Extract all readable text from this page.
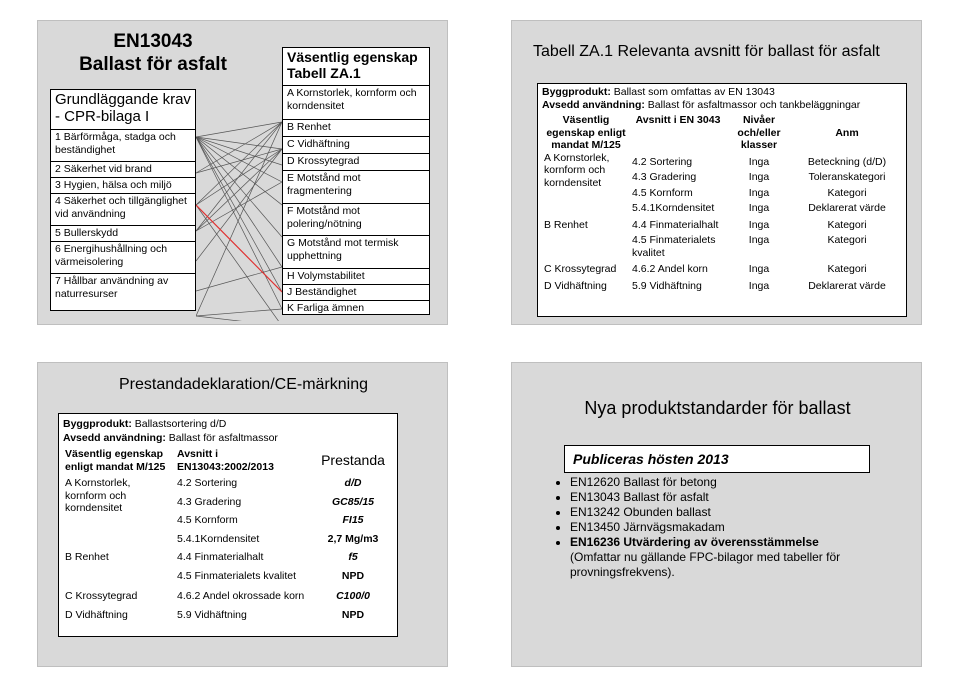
EN13043
Ballast för asfalt
Grundläggande krav - CPR-bilaga I
1 Bärförmåga, stadga och beständighet
2 Säkerhet vid brand
3 Hygien, hälsa och miljö
4 Säkerhet och tillgänglighet vid användning
5 Bullerskydd
6 Energihushållning och värmeisolering
7 Hållbar användning av naturresurser
Väsentlig egenskap Tabell ZA.1
A Kornstorlek, kornform och korndensitet
B Renhet
C Vidhäftning
D Krossytegrad
E Motstånd mot fragmentering
F Motstånd mot polering/nötning
G Motstånd mot termisk upphettning
H Volymstabilitet
J Beständighet
K Farliga ämnen
Tabell ZA.1 Relevanta avsnitt för ballast för asfalt
Byggprodukt: Ballast som omfattas av EN 13043
Avsedd användning: Ballast för asfaltmassor och tankbeläggningar
Väsentlig egenskap enligt mandat M/125	Avsnitt i EN 3043	Nivåer och/eller klasser	Anm
A Kornstorlek, kornform och korndensitet	4.2 Sortering	Inga	Beteckning (d/D)
	4.3 Gradering	Inga	Toleranskategori
	4.5 Kornform	Inga	Kategori
	5.4.1Korndensitet	Inga	Deklarerat värde
B Renhet	4.4 Finmaterialhalt	Inga	Kategori
	4.5 Finmaterialets kvalitet	Inga	Kategori
C Krossytegrad	4.6.2 Andel korn	Inga	Kategori
D Vidhäftning	5.9 Vidhäftning	Inga	Deklarerat värde
Prestandadeklaration/CE-märkning
Byggprodukt: Ballastsortering d/D
Avsedd användning: Ballast för asfaltmassor
Väsentlig egenskap enligt mandat M/125	Avsnitt i EN13043:2002/2013	Prestanda
A Kornstorlek, kornform och korndensitet	4.2 Sortering	d/D
	4.3 Gradering	GC85/15
	4.5 Kornform	FI15
	5.4.1Korndensitet	2,7 Mg/m3
B Renhet	4.4 Finmaterialhalt	f5
	4.5 Finmaterialets kvalitet	NPD
C Krossytegrad	4.6.2 Andel okrossade korn	C100/0
D Vidhäftning	5.9 Vidhäftning	NPD
Nya produktstandarder för ballast
Publiceras hösten 2013
• EN12620 Ballast för betong
• EN13043 Ballast för asfalt
• EN13242 Obunden ballast
• EN13450 Järnvägsmakadam
• EN16236 Utvärdering av överensstämmelse
(Omfattar nu gällande FPC-bilagor med tabeller för provningsfrekvens).
